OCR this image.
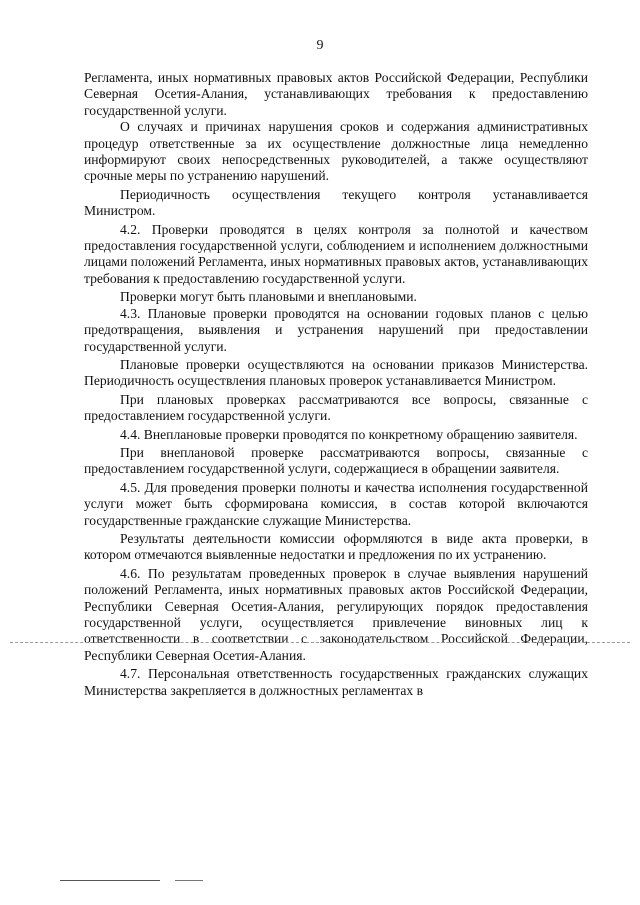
9

Регламента, иных нормативных правовых актов Российской Федерации, Республики Северная Осетия-Алания, устанавливающих требования к предоставлению государственной услуги.

О случаях и причинах нарушения сроков и содержания административных процедур ответственные за их осуществление должностные лица немедленно информируют своих непосредственных руководителей, а также осуществляют срочные меры по устранению нарушений.

Периодичность осуществления текущего контроля устанавливается Министром.

4.2. Проверки проводятся в целях контроля за полнотой и качеством предоставления государственной услуги, соблюдением и исполнением должностными лицами положений Регламента, иных нормативных правовых актов, устанавливающих требования к предоставлению государственной услуги.

Проверки могут быть плановыми и внеплановыми.

4.3. Плановые проверки проводятся на основании годовых планов с целью предотвращения, выявления и устранения нарушений при предоставлении государственной услуги.

Плановые проверки осуществляются на основании приказов Министерства. Периодичность осуществления плановых проверок устанавливается Министром.

При плановых проверках рассматриваются все вопросы, связанные с предоставлением государственной услуги.

4.4. Внеплановые проверки проводятся по конкретному обращению заявителя.

При внеплановой проверке рассматриваются вопросы, связанные с предоставлением государственной услуги, содержащиеся в обращении заявителя.

4.5. Для проведения проверки полноты и качества исполнения государственной услуги может быть сформирована комиссия, в состав которой включаются государственные гражданские служащие Министерства.

Результаты деятельности комиссии оформляются в виде акта проверки, в котором отмечаются выявленные недостатки и предложения по их устранению.

4.6. По результатам проведенных проверок в случае выявления нарушений положений Регламента, иных нормативных правовых актов Российской Федерации, Республики Северная Осетия-Алания, регулирующих порядок предоставления государственной услуги, осуществляется привлечение виновных лиц к ответственности в соответствии с законодательством Российской Федерации, Республики Северная Осетия-Алания.

4.7. Персональная ответственность государственных гражданских служащих Министерства закрепляется в должностных регламентах в
